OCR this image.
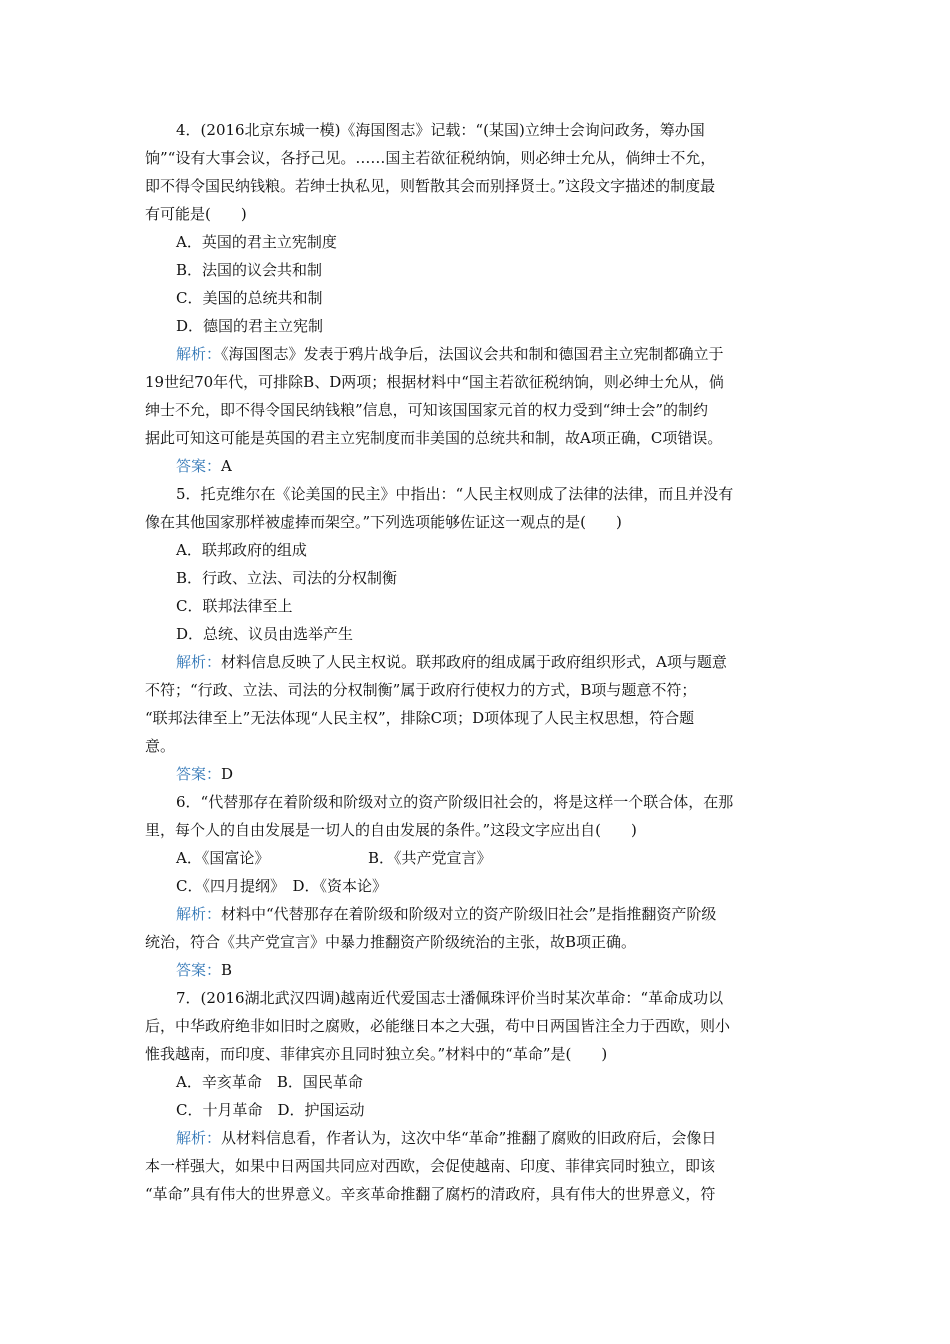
4．(2016北京东城一模)《海国图志》记载：“(某国)立绅士会询问政务，筹办国
饷”“设有大事会议，各抒己见。……国主若欲征税纳饷，则必绅士允从，倘绅士不允，
即不得令国民纳钱粮。若绅士执私见，则暂散其会而别择贤士。”这段文字描述的制度最
有可能是(　　)
A．英国的君主立宪制度
B．法国的议会共和制
C．美国的总统共和制
D．德国的君主立宪制
解析：《海国图志》发表于鸦片战争后，法国议会共和制和德国君主立宪制都确立于
19世纪70年代，可排除B、D两项；根据材料中“国主若欲征税纳饷，则必绅士允从，倘
绅士不允，即不得令国民纳钱粮”信息，可知该国国家元首的权力受到“绅士会”的制约
据此可知这可能是英国的君主立宪制度而非美国的总统共和制，故A项正确，C项错误。
答案：A
5．托克维尔在《论美国的民主》中指出：“人民主权则成了法律的法律，而且并没有
像在其他国家那样被虚捧而架空。”下列选项能够佐证这一观点的是(　　)
A．联邦政府的组成
B．行政、立法、司法的分权制衡
C．联邦法律至上
D．总统、议员由选举产生
解析：材料信息反映了人民主权说。联邦政府的组成属于政府组织形式，A项与题意
不符；“行政、立法、司法的分权制衡”属于政府行使权力的方式，B项与题意不符；
“联邦法律至上”无法体现“人民主权”，排除C项；D项体现了人民主权思想，符合题
意。
答案：D
6．“代替那存在着阶级和阶级对立的资产阶级旧社会的，将是这样一个联合体，在那
里，每个人的自由发展是一切人的自由发展的条件。”这段文字应出自(　　)
A．《国富论》	B．《共产党宣言》
C．《四月提纲》　 D．《资本论》
解析：材料中“代替那存在着阶级和阶级对立的资产阶级旧社会”是指推翻资产阶级
统治，符合《共产党宣言》中暴力推翻资产阶级统治的主张，故B项正确。
答案：B
7．(2016湖北武汉四调)越南近代爱国志士潘佩珠评价当时某次革命：“革命成功以
后，中华政府绝非如旧时之腐败，必能继日本之大强，苟中日两国皆注全力于西欧，则小
惟我越南，而印度、菲律宾亦且同时独立矣。”材料中的“革命”是(　　)
A．辛亥革命　 B．国民革命
C．十月革命　 D．护国运动
解析：从材料信息看，作者认为，这次中华“革命”推翻了腐败的旧政府后，会像日
本一样强大，如果中日两国共同应对西欧，会促使越南、印度、菲律宾同时独立，即该
“革命”具有伟大的世界意义。辛亥革命推翻了腐朽的清政府，具有伟大的世界意义，符
